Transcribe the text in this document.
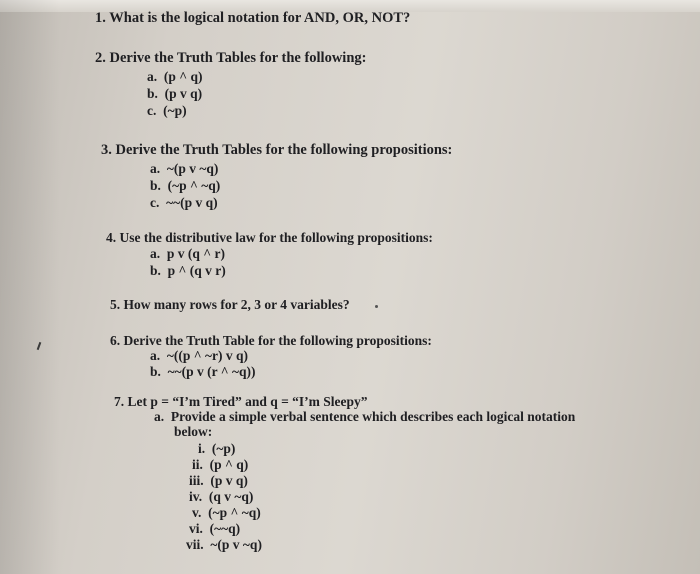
1. What is the logical notation for AND, OR, NOT?
2. Derive the Truth Tables for the following:
a. (p ^ q)
b. (p v q)
c. (~p)
3. Derive the Truth Tables for the following propositions:
a. ~(p v ~q)
b. (~p ^ ~q)
c. ~~(p v q)
4. Use the distributive law for the following propositions:
a. p v (q ^ r)
b. p ^ (q v r)
5. How many rows for 2, 3 or 4 variables?
6. Derive the Truth Table for the following propositions:
a. ~((p ^ ~r) v q)
b. ~~(p v (r ^ ~q))
7. Let p = “I’m Tired” and q = “I’m Sleepy”
a. Provide a simple verbal sentence which describes each logical notation
below:
i. (~p)
ii. (p ^ q)
iii. (p v q)
iv. (q v ~q)
v. (~p ^ ~q)
vi. (~~q)
vii. ~(p v ~q)
